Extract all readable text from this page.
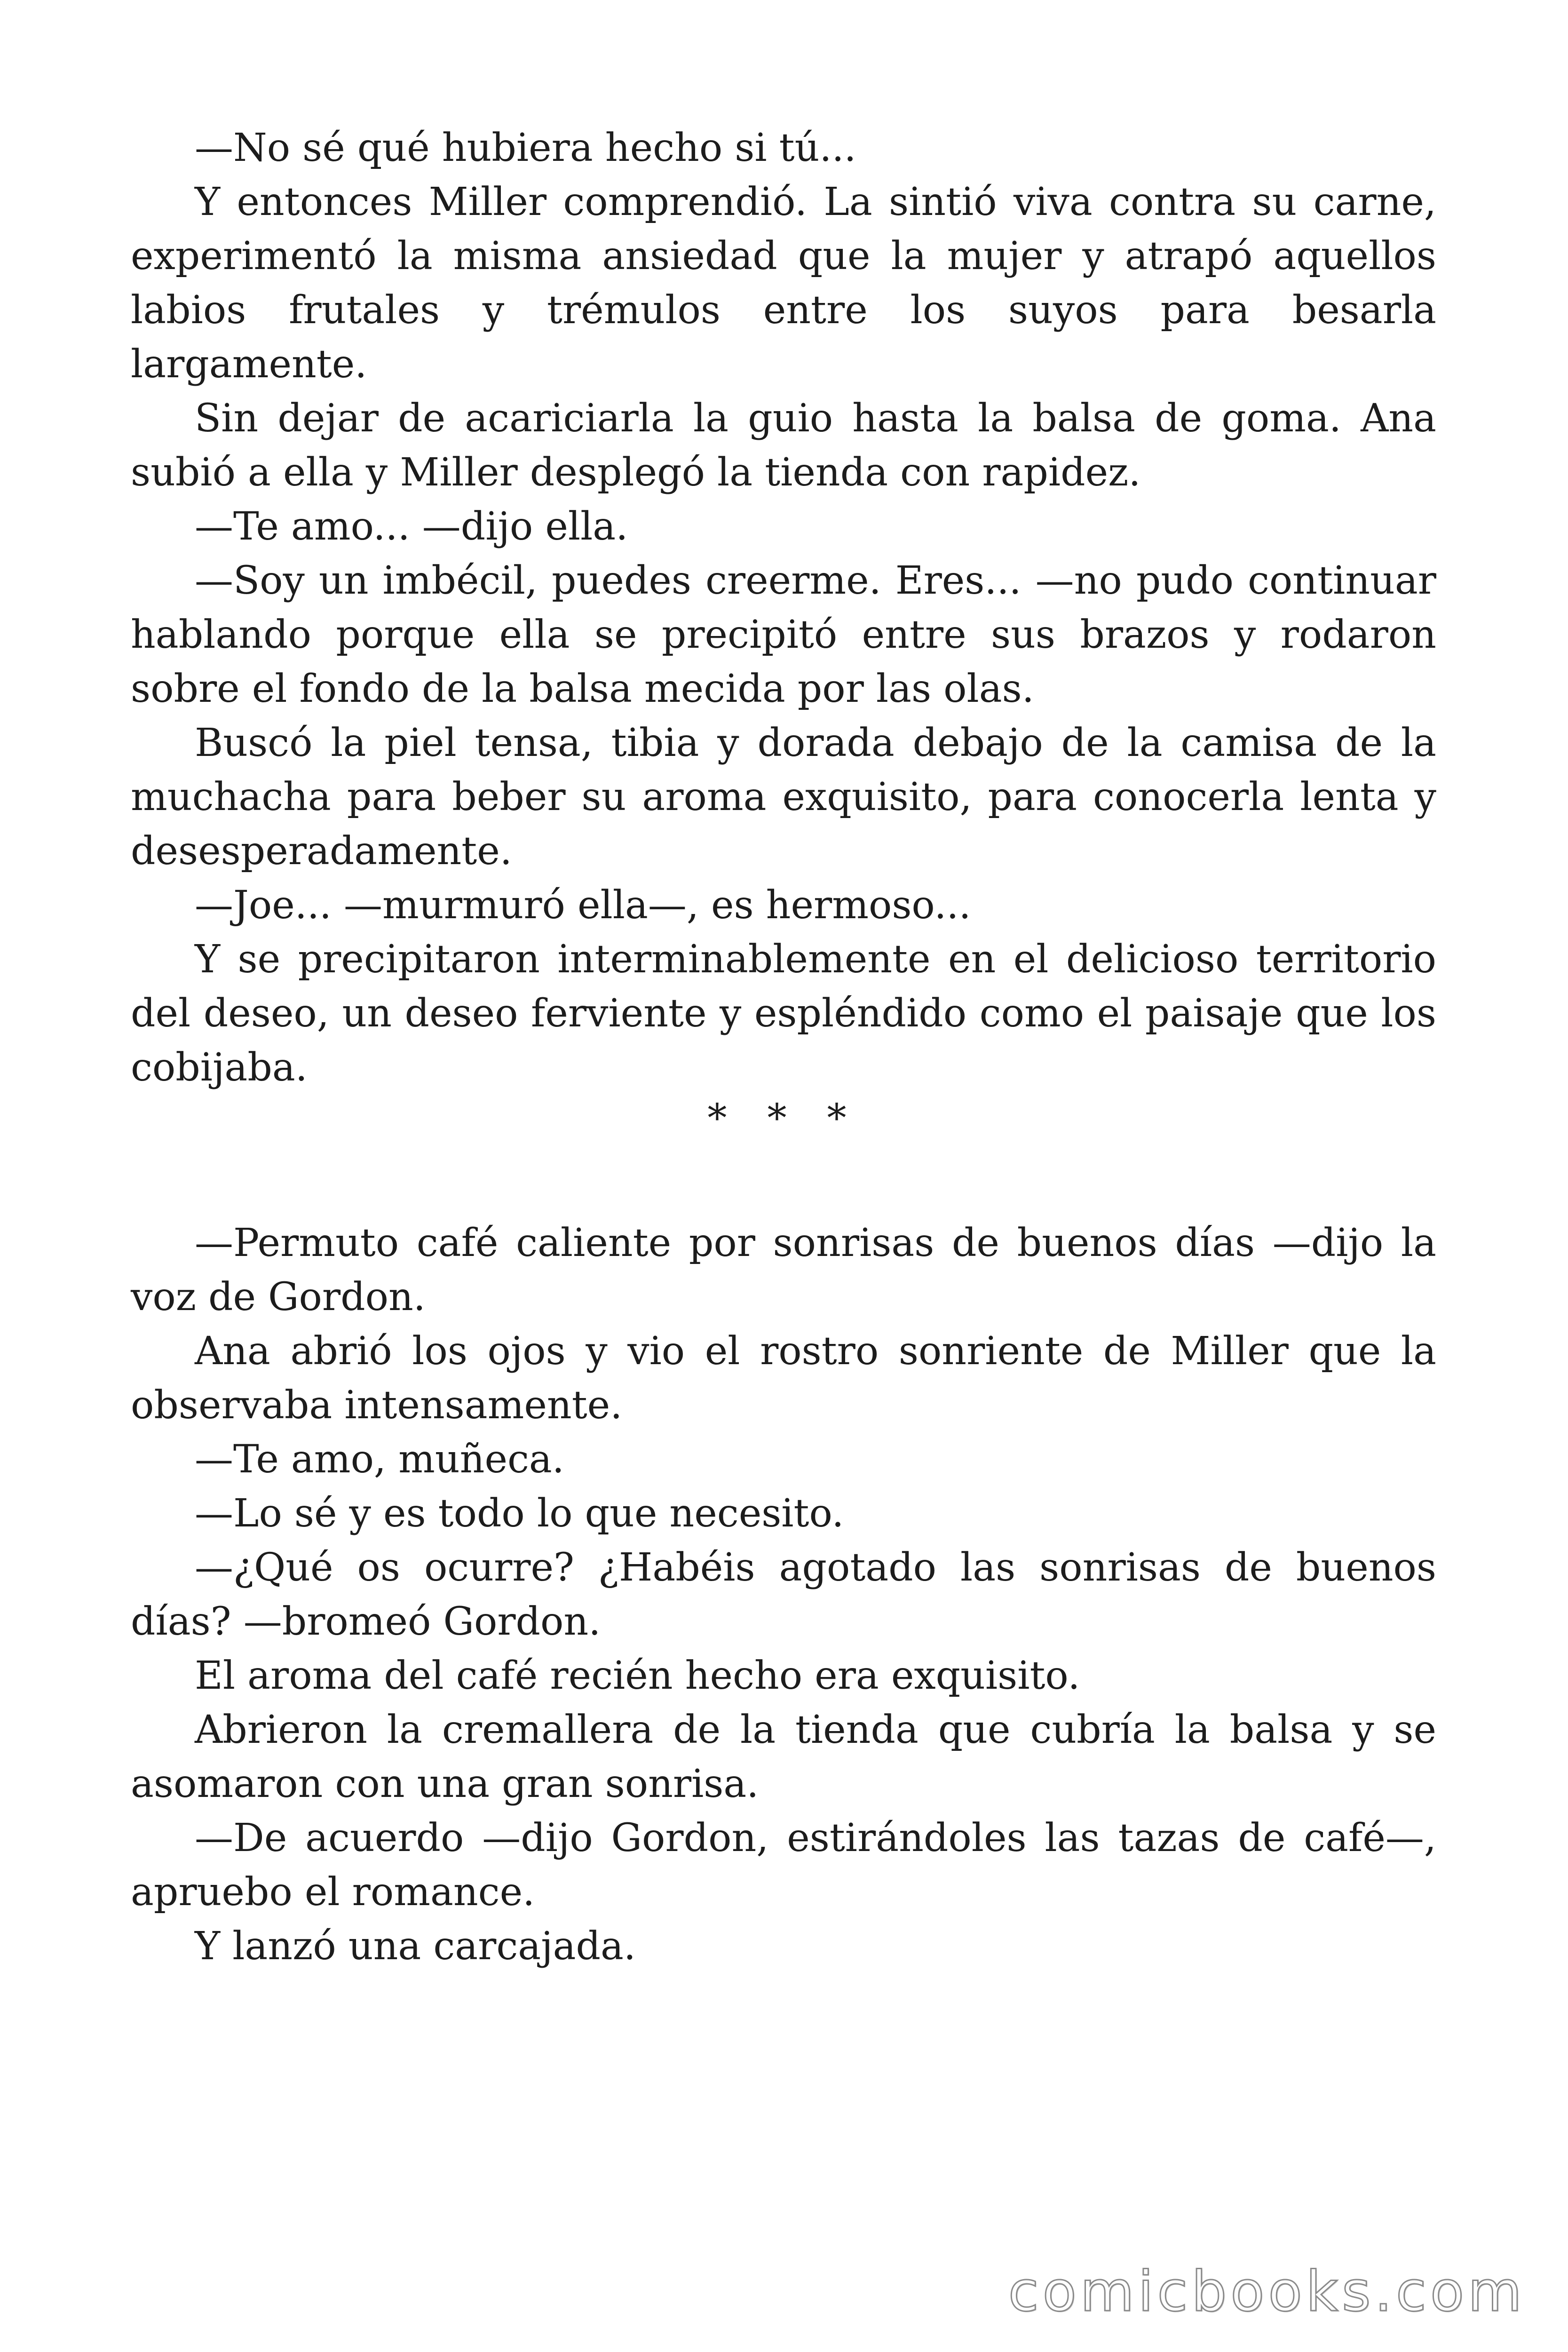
—No sé qué hubiera hecho si tú...

Y entonces Miller comprendió. La sintió viva contra su carne, experimentó la misma ansiedad que la mujer y atrapó aquellos labios frutales y trémulos entre los suyos para besarla largamente.

Sin dejar de acariciarla la guio hasta la balsa de goma. Ana subió a ella y Miller desplegó la tienda con rapidez.

—Te amo... —dijo ella.

—Soy un imbécil, puedes creerme. Eres... —no pudo continuar hablando porque ella se precipitó entre sus brazos y rodaron sobre el fondo de la balsa mecida por las olas.

Buscó la piel tensa, tibia y dorada debajo de la camisa de la muchacha para beber su aroma exquisito, para conocerla lenta y desesperadamente.

—Joe... —murmuró ella—, es hermoso...

Y se precipitaron interminablemente en el delicioso territorio del deseo, un deseo ferviente y espléndido como el paisaje que los cobijaba.

* * *

—Permuto café caliente por sonrisas de buenos días —dijo la voz de Gordon.

Ana abrió los ojos y vio el rostro sonriente de Miller que la observaba intensamente.

—Te amo, muñeca.

—Lo sé y es todo lo que necesito.

—¿Qué os ocurre? ¿Habéis agotado las sonrisas de buenos días? —bromeó Gordon.

El aroma del café recién hecho era exquisito.

Abrieron la cremallera de la tienda que cubría la balsa y se asomaron con una gran sonrisa.

—De acuerdo —dijo Gordon, estirándoles las tazas de café—, apruebo el romance.

Y lanzó una carcajada.

comicbooks.com
